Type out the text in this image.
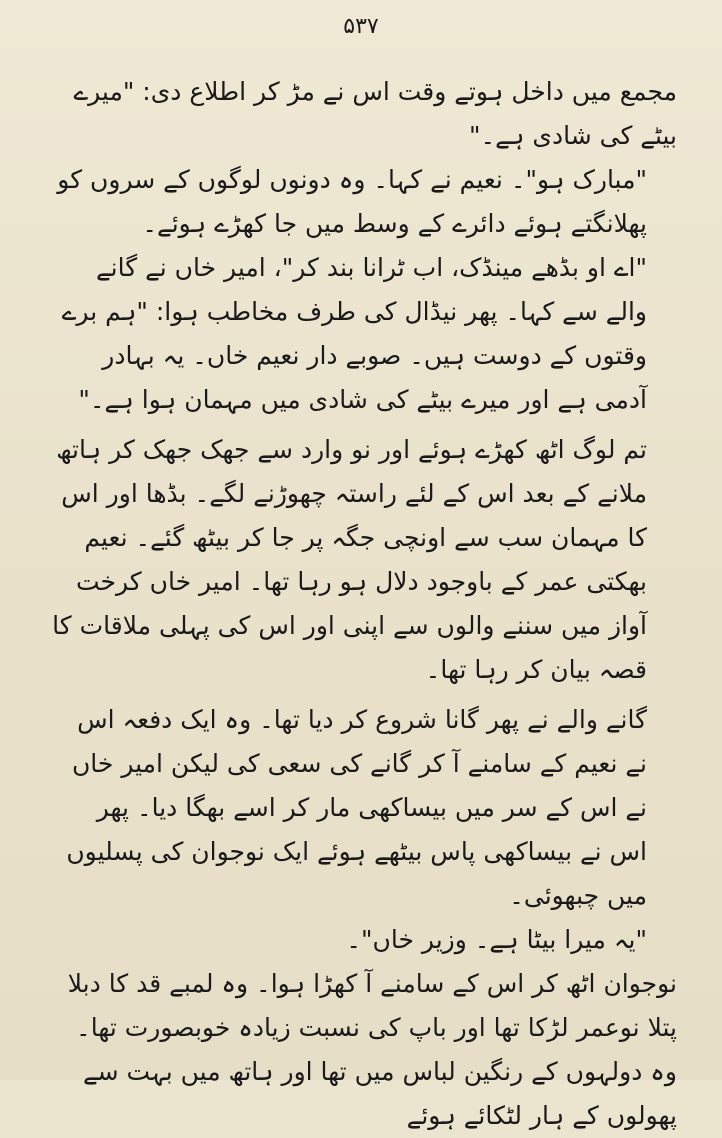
۵۳۷

مجمع میں داخل ہوتے وقت اس نے مڑ کر اطلاع دی: "میرے بیٹے کی شادی ہے۔"

"مبارک ہو"۔ نعیم نے کہا۔ وہ دونوں لوگوں کے سروں کو پھلانگتے ہوئے دائرے کے وسط میں جا کھڑے ہوئے۔

"اے او بڈھے مینڈک، اب ٹرانا بند کر"، امیر خاں نے گانے والے سے کہا۔ پھر نیڈال کی طرف مخاطب ہوا: "ہم برے وقتوں کے دوست ہیں۔ صوبے دار نعیم خاں۔ یہ بہادر آدمی ہے اور میرے بیٹے کی شادی میں مہمان ہوا ہے۔"

تم لوگ اٹھ کھڑے ہوئے اور نو وارد سے جھک جھک کر ہاتھ ملانے کے بعد اس کے لئے راستہ چھوڑنے لگے۔ بڈھا اور اس کا مہمان سب سے اونچی جگہ پر جا کر بیٹھ گئے۔ نعیم بھکتی عمر کے باوجود دلال ہو رہا تھا۔ امیر خاں کرخت آواز میں سننے والوں سے اپنی اور اس کی پہلی ملاقات کا قصہ بیان کر رہا تھا۔

گانے والے نے پھر گانا شروع کر دیا تھا۔ وہ ایک دفعہ اس نے نعیم کے سامنے آ کر گانے کی سعی کی لیکن امیر خاں نے اس کے سر میں بیساکھی مار کر اسے بھگا دیا۔ پھر اس نے بیساکھی پاس بیٹھے ہوئے ایک نوجوان کی پسلیوں میں چبھوئی۔

"یہ میرا بیٹا ہے۔ وزیر خاں"۔

نوجوان اٹھ کر اس کے سامنے آ کھڑا ہوا۔ وہ لمبے قد کا دبلا پتلا نوعمر لڑکا تھا اور باپ کی نسبت زیادہ خوبصورت تھا۔ وہ دولہوں کے رنگین لباس میں تھا اور ہاتھ میں بہت سے پھولوں کے ہار لٹکائے ہوئے
